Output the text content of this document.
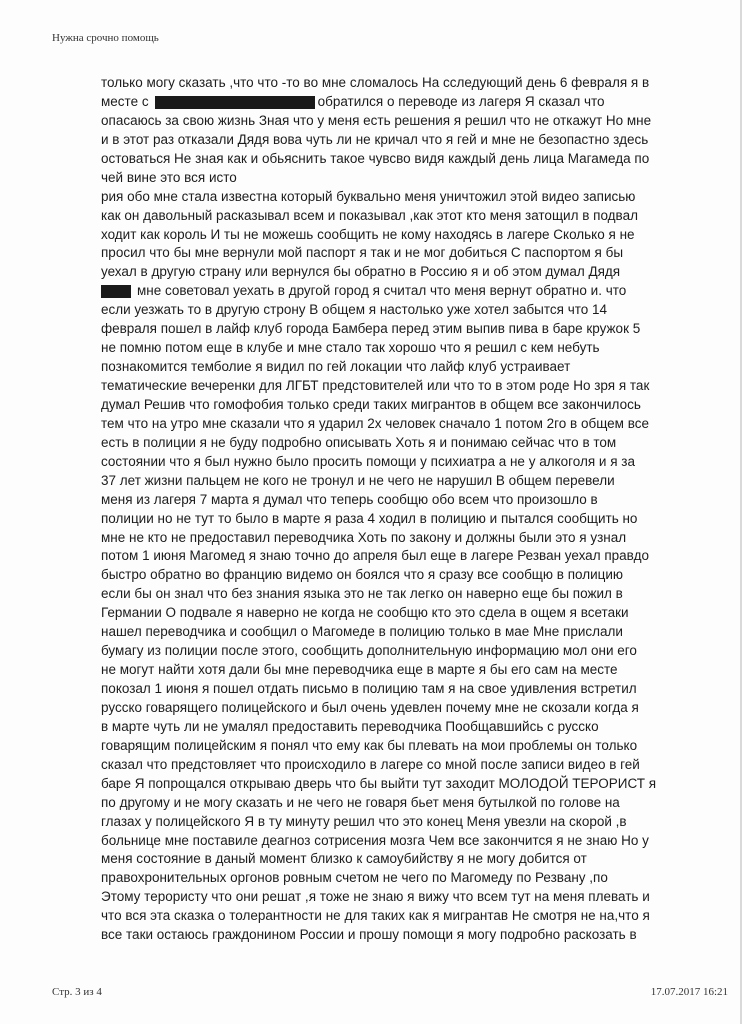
Нужна срочно помощь
только могу сказать ,что что -то во мне сломалось На сследующий день 6 февраля я в
месте с	обратился о переводе из лагеря Я сказал что
опасаюсь за свою жизнь Зная что у меня есть решения я решил что не откажут Но мне
и в этот раз отказали Дядя вова чуть ли не кричал что я гей и мне не безопастно здесь
остоваться Не зная как и обьяснить такое чувсво видя каждый день лица Магамеда по
чей вине это вся исто
рия обо мне стала известна который буквально меня уничтожил этой видео записью
как он давольный расказывал всем и показывал ,как этот кто меня затощил в подвал
ходит как король И ты не можешь сообщить не кому находясь в лагере Сколько я не
просил что бы мне вернули мой паспорт я так и не мог добиться С паспортом я бы
уехал в другую страну или вернулся бы обратно в Россию я и об этом думал Дядя
мне советовал уехать в другой город я считал что меня вернут обратно и. что
если уезжать то в другую строну В общем я настолько уже хотел забытся что 14
февраля пошел в лайф клуб города Бамбера перед этим выпив пива в баре кружок 5
не помню потом еще в клубе и мне стало так хорошо что я решил с кем небуть
познакомится темболие я видил по гей локации что лайф клуб устраивает
тематические вечеренки для ЛГБТ предстовителей или что то в этом роде Но зря я так
думал Решив что гомофобия только среди таких мигрантов в общем все закончилось
тем что на утро мне сказали что я ударил 2х человек сначало 1 потом 2го в общем все
есть в полиции я не буду подробно описывать Хоть я и понимаю сейчас что в том
состоянии что я был нужно было просить помощи у психиатра а не у алкоголя и я за
37 лет жизни пальцем не кого не тронул и не чего не нарушил В общем перевели
меня из лагеря 7 марта я думал что теперь сообщю обо всем что произошло в
полиции но не тут то было в марте я раза 4 ходил в полицию и пытался сообщить но
мне не кто не предоставил переводчика Хоть по закону и должны были это я узнал
потом 1 июня Магомед я знаю точно до апреля был еще в лагере Резван уехал правдо
быстро обратно во францию видемо он боялся что я сразу все сообщю в полицию
если бы он знал что без знания языка это не так легко он наверно еще бы пожил в
Германии О подвале я наверно не когда не сообщю кто это сдела в ощем я всетаки
нашел переводчика и сообщил о Магомеде в полицию только в мае Мне прислали
бумагу из полиции после этого, сообщить дополнительную информацию мол они его
не могут найти хотя дали бы мне переводчика еще в марте я бы его сам на месте
покозал 1 июня я пошел отдать письмо в полицию там я на свое удивления встретил
русско говарящего полицейского и был очень удевлен почему мне не скозали когда я
в марте чуть ли не умалял предоставить переводчика Пообщавшийсь с русско
говарящим полицейским я понял что ему как бы плевать на мои проблемы он только
сказал что предстовляет что происходило в лагере со мной после записи видео в гей
баре Я попрощался открываю дверь что бы выйти тут заходит МОЛОДОЙ ТЕРОРИСТ я
по другому и не могу сказать и не чего не говаря бьет меня бутылкой по голове на
глазах у полицейского Я в ту минуту решил что это конец Меня увезли на скорой ,в
больнице мне поставиле деагноз сотрисения мозга Чем все закончится я не знаю Но у
меня состояние в даный момент близко к самоубийству я не могу добится от
правохронительных оргонов ровным счетом не чего по Магомеду по Резвану ,по
Этому терористу что они решат ,я тоже не знаю я вижу что всем тут на меня плевать и
что вся эта сказка о толерантности не для таких как я мигрантав Не смотря не на,что я
все таки остаюсь граждонином России и прошу помощи я могу подробно раскозать в
Стр. 3 из 4	17.07.2017 16:21
